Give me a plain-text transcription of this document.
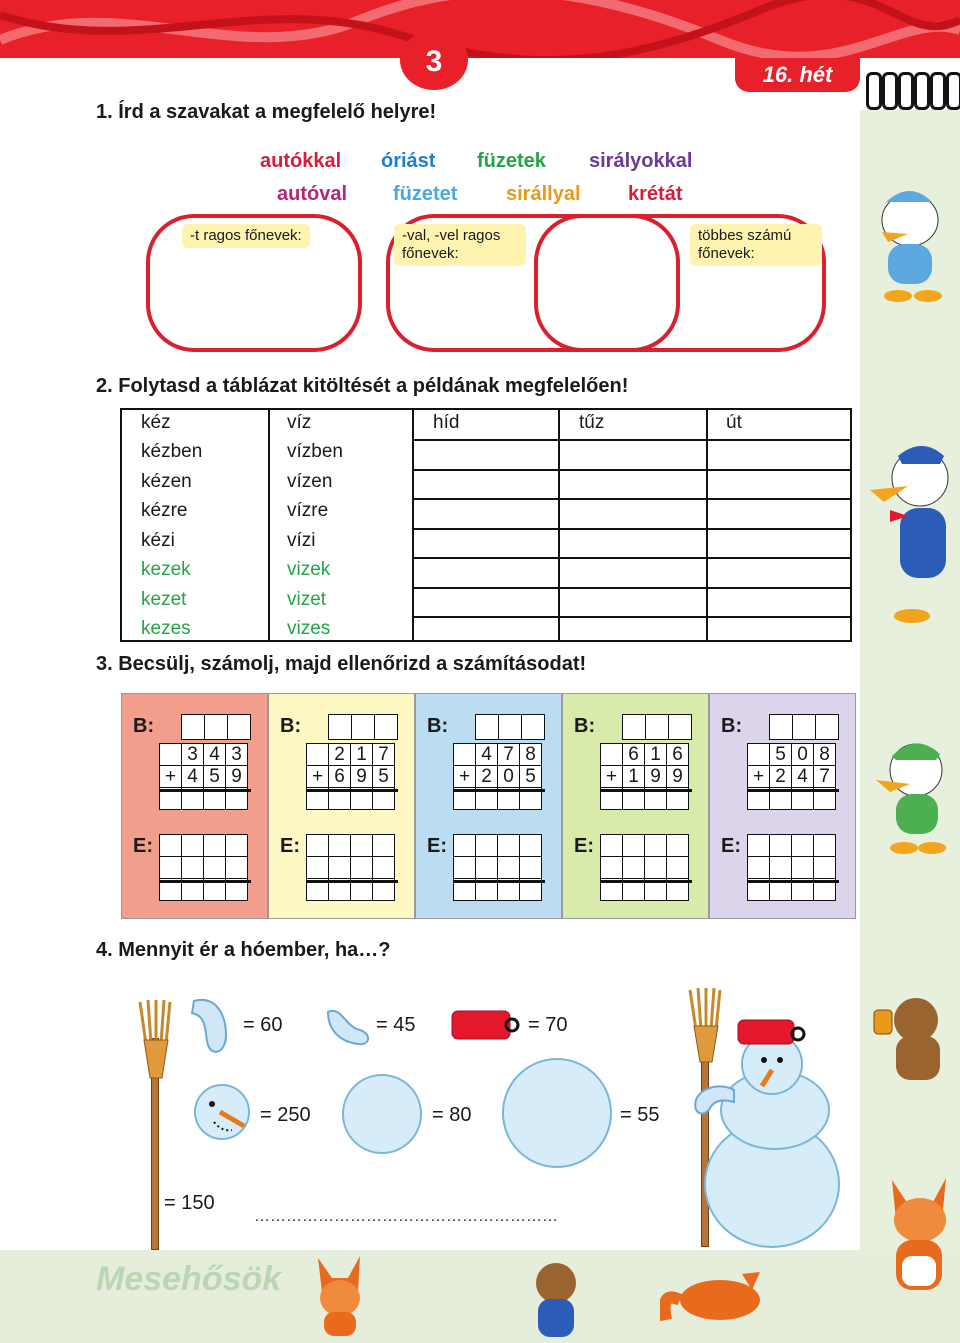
3	16. hét
1. Írd a szavakat a megfelelő helyre!
autókkal óriást füzetek sirályokkal
autóval füzetet sirállyal krétát
-t ragos főnevek:	-val, -vel ragos főnevek:
többes számú főnevek:
2. Folytasd a táblázat kitöltését a példának megfelelően!
kéz	víz	híd	tűz	út
kézben	vízben
kézen	vízen
kézre	vízre
kézi	vízi
kezek	vizek
kezet	vizet
kezes	vizes
3. Becsülj, számolj, majd ellenőrizd a számításodat!
B:

	3	4	3
+	4	5	9

E:

B:

	2	1	7
+	6	9	5

E:

B:

	4	7	8
+	2	0	5

E:

B:

	6	1	6
+	1	9	9

E:

B:

	5	0	8
+	2	4	7

E:

4. Mennyit ér a hóember, ha…?
= 60	= 45	= 70
= 250	= 80	= 55
= 150
…………………………………………………
Mesehősök
